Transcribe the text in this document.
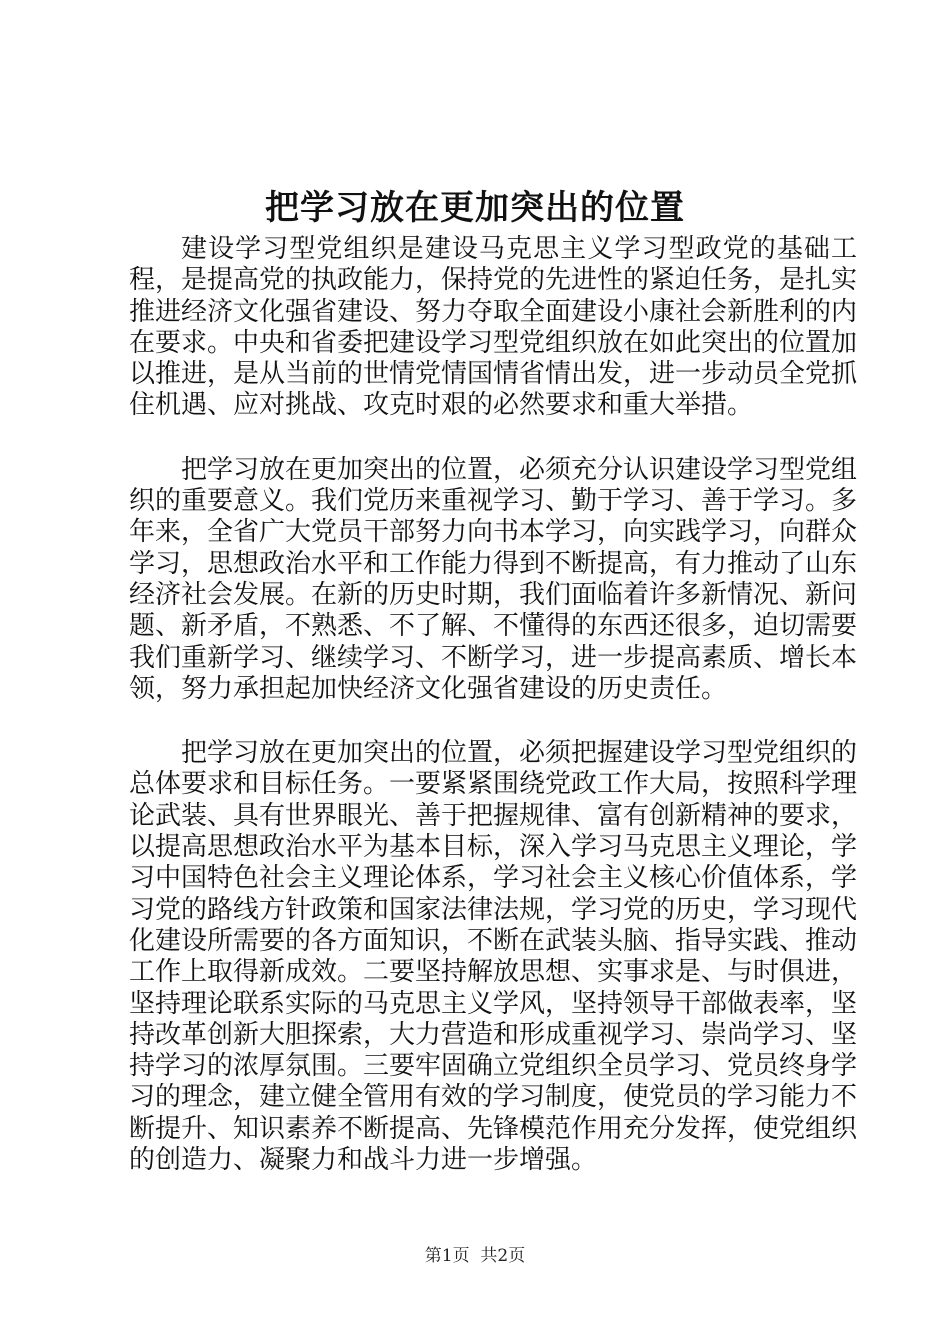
把学习放在更加突出的位置

建设学习型党组织是建设马克思主义学习型政党的基础工程，是提高党的执政能力，保持党的先进性的紧迫任务，是扎实推进经济文化强省建设、努力夺取全面建设小康社会新胜利的内在要求。中央和省委把建设学习型党组织放在如此突出的位置加以推进，是从当前的世情党情国情省情出发，进一步动员全党抓住机遇、应对挑战、攻克时艰的必然要求和重大举措。

把学习放在更加突出的位置，必须充分认识建设学习型党组织的重要意义。我们党历来重视学习、勤于学习、善于学习。多年来，全省广大党员干部努力向书本学习，向实践学习，向群众学习，思想政治水平和工作能力得到不断提高，有力推动了山东经济社会发展。在新的历史时期，我们面临着许多新情况、新问题、新矛盾，不熟悉、不了解、不懂得的东西还很多，迫切需要我们重新学习、继续学习、不断学习，进一步提高素质、增长本领，努力承担起加快经济文化强省建设的历史责任。

把学习放在更加突出的位置，必须把握建设学习型党组织的总体要求和目标任务。一要紧紧围绕党政工作大局，按照科学理论武装、具有世界眼光、善于把握规律、富有创新精神的要求，以提高思想政治水平为基本目标，深入学习马克思主义理论，学习中国特色社会主义理论体系，学习社会主义核心价值体系，学习党的路线方针政策和国家法律法规，学习党的历史，学习现代化建设所需要的各方面知识，不断在武装头脑、指导实践、推动工作上取得新成效。二要坚持解放思想、实事求是、与时俱进，坚持理论联系实际的马克思主义学风，坚持领导干部做表率，坚持改革创新大胆探索，大力营造和形成重视学习、崇尚学习、坚持学习的浓厚氛围。三要牢固确立党组织全员学习、党员终身学习的理念，建立健全管用有效的学习制度，使党员的学习能力不断提升、知识素养不断提高、先锋模范作用充分发挥，使党组织的创造力、凝聚力和战斗力进一步增强。

第1页 共2页
